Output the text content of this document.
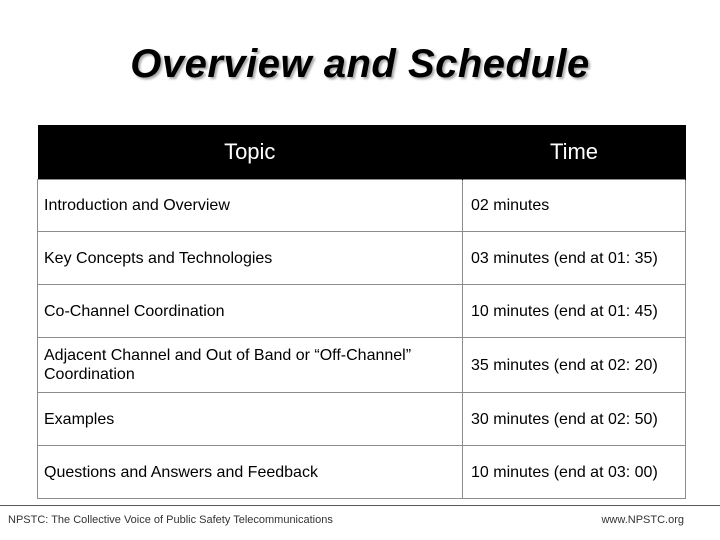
Overview and Schedule
Topic	Time
Introduction and Overview	02 minutes
Key Concepts and Technologies	03 minutes (end at 01: 35)
Co-Channel Coordination	10 minutes (end at 01: 45)
Adjacent Channel and Out of Band or “Off-Channel” Coordination	35 minutes (end at 02: 20)
Examples	30 minutes (end at 02: 50)
Questions and Answers and Feedback	10 minutes (end at 03: 00)
NPSTC: The Collective Voice of Public Safety Telecommunications	www.NPSTC.org
